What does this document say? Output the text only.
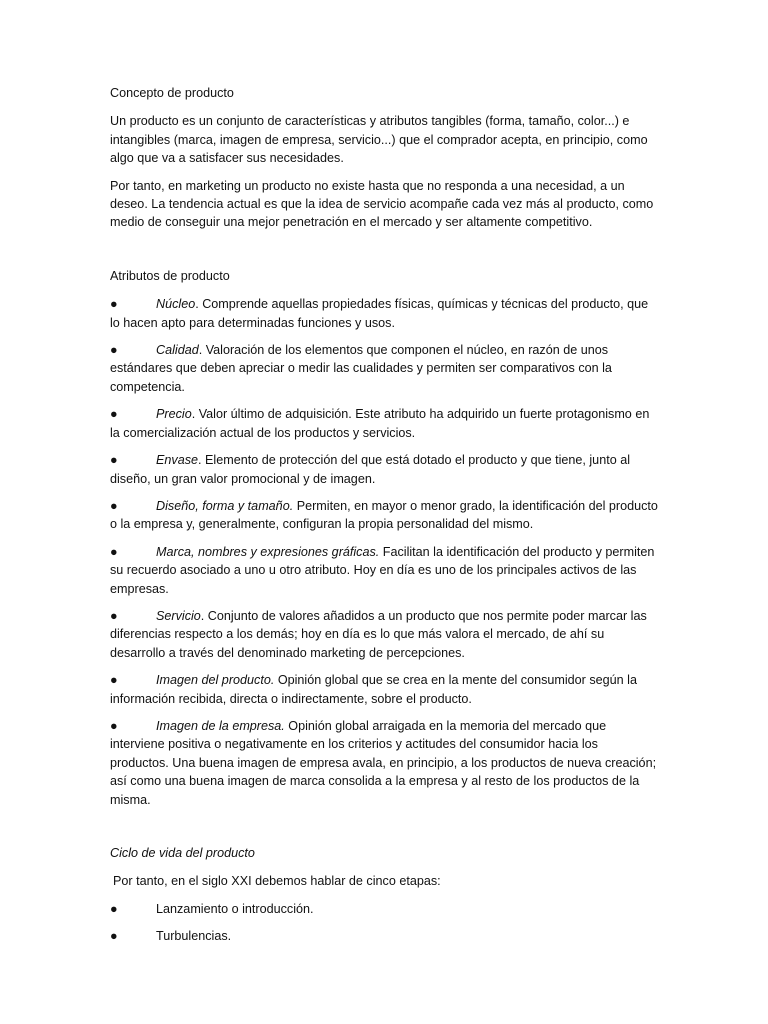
Concepto de producto

Un producto es un conjunto de características y atributos tangibles (forma, tamaño, color...) e intangibles (marca, imagen de empresa, servicio...) que el comprador acepta, en principio, como algo que va a satisfacer sus necesidades.

Por tanto, en marketing un producto no existe hasta que no responda a una necesidad, a un deseo. La tendencia actual es que la idea de servicio acompañe cada vez más al producto, como medio de conseguir una mejor penetración en el mercado y ser altamente competitivo.

Atributos de producto
●	Núcleo. Comprende aquellas propiedades físicas, químicas y técnicas del producto, que lo hacen apto para determinadas funciones y usos.
●	Calidad. Valoración de los elementos que componen el núcleo, en razón de unos estándares que deben apreciar o medir las cualidades y permiten ser comparativos con la competencia.
●	Precio. Valor último de adquisición. Este atributo ha adquirido un fuerte protagonismo en la comercialización actual de los productos y servicios.
●	Envase. Elemento de protección del que está dotado el producto y que tiene, junto al diseño, un gran valor promocional y de imagen.
●	Diseño, forma y tamaño. Permiten, en mayor o menor grado, la identificación del producto o la empresa y, generalmente, configuran la propia personalidad del mismo.
●	Marca, nombres y expresiones gráficas. Facilitan la identificación del producto y permiten su recuerdo asociado a uno u otro atributo. Hoy en día es uno de los principales activos de las empresas.
●	Servicio. Conjunto de valores añadidos a un producto que nos permite poder marcar las diferencias respecto a los demás; hoy en día es lo que más valora el mercado, de ahí su desarrollo a través del denominado marketing de percepciones.
●	Imagen del producto. Opinión global que se crea en la mente del consumidor según la información recibida, directa o indirectamente, sobre el producto.
●	Imagen de la empresa. Opinión global arraigada en la memoria del mercado que interviene positiva o negativamente en los criterios y actitudes del consumidor hacia los productos. Una buena imagen de empresa avala, en principio, a los productos de nueva creación; así como una buena imagen de marca consolida a la empresa y al resto de los productos de la misma.
Ciclo de vida del producto

Por tanto, en el siglo XXI debemos hablar de cinco etapas:

●	Lanzamiento o introducción.
●	Turbulencias.
